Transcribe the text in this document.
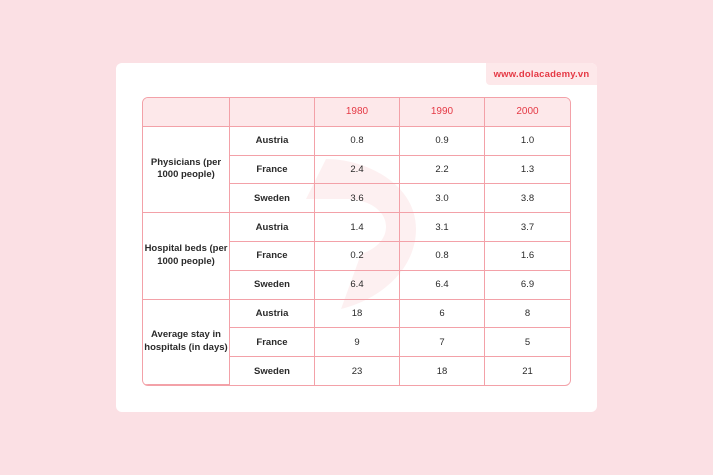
www.dolacademy.vn
		1980	1990	2000
Physicians (per 1000 people)	Austria	0.8	0.9	1.0
	France	2.4	2.2	1.3
	Sweden	3.6	3.0	3.8
Hospital beds (per 1000 people)	Austria	1.4	3.1	3.7
	France	0.2	0.8	1.6
	Sweden	6.4	6.4	6.9
Average stay in hospitals (in days)	Austria	18	6	8
	France	9	7	5
	Sweden	23	18	21
